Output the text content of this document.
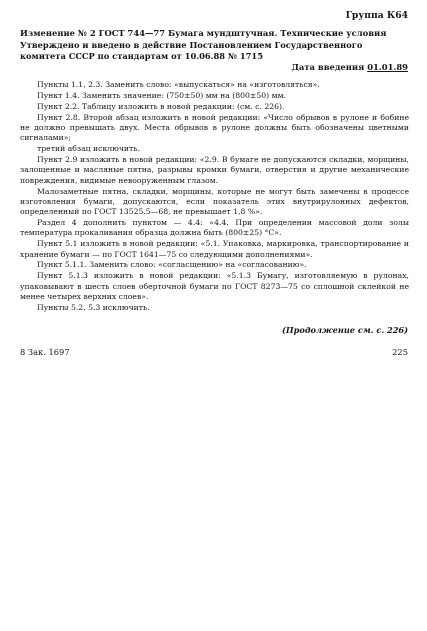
Группа К64
Изменение № 2 ГОСТ 744—77 Бумага мундштучная. Технические условия
Утверждено и введено в действие Постановлением Государственного комитета СССР по стандартам от 10.06.88 № 1715
Дата введения 01.01.89

Пункты 1.1, 2.3. Заменить слово: «выпускаться» на «изготовляться».

Пункт 1.4. Заменить значение: (750±50) мм на (800±50) мм.

Пункт 2.2. Таблицу изложить в новой редакции: (см. с. 226).

Пункт 2.8. Второй абзац изложить в новой редакции: «Число обрывов в рулоне и бобине не должно превышать двух. Места обрывов в рулоне должны быть обозначены цветными сигналами»;

третий абзац исключить.

Пункт 2.9 изложить в новой редакции: «2.9. В бумаге не допускаются складки, морщины, залощенные и масляные пятна, разрывы кромки бумаги, отверстия и другие механические повреждения, видимые невооруженным глазом.

Малозаметные пятна, складки, морщины, которые не могут быть замечены в процессе изготовления бумаги, допускаются, если показатель этих внутрирулонных дефектов, определенный по ГОСТ 13525.5—68, не превышает 1,8 %».

Раздел 4 дополнить пунктом — 4.4: «4.4. При определении массовой доли золы температура прокаливания образца должна быть (800±25) °С».

Пункт 5.1 изложить в новой редакции: «5.1. Упаковка, маркировка, транспортирование и хранение бумаги — по ГОСТ 1641—75 со следующими дополнениями».

Пункт 5.1.1. Заменить слово: «согласщению» на «согласованию».

Пункт 5.1.3 изложить в новой редакции: «5.1.3 Бумагу, изготовляемую в рулонах, упаковывают в шесть слоев оберточной бумаги по ГОСТ 8273—75 со сплошной склейкой не менее четырех верхних слоев».

Пункты 5.2, 5.3 исключить.

(Продолжение см. с. 226)
8 Зак. 1697	225
